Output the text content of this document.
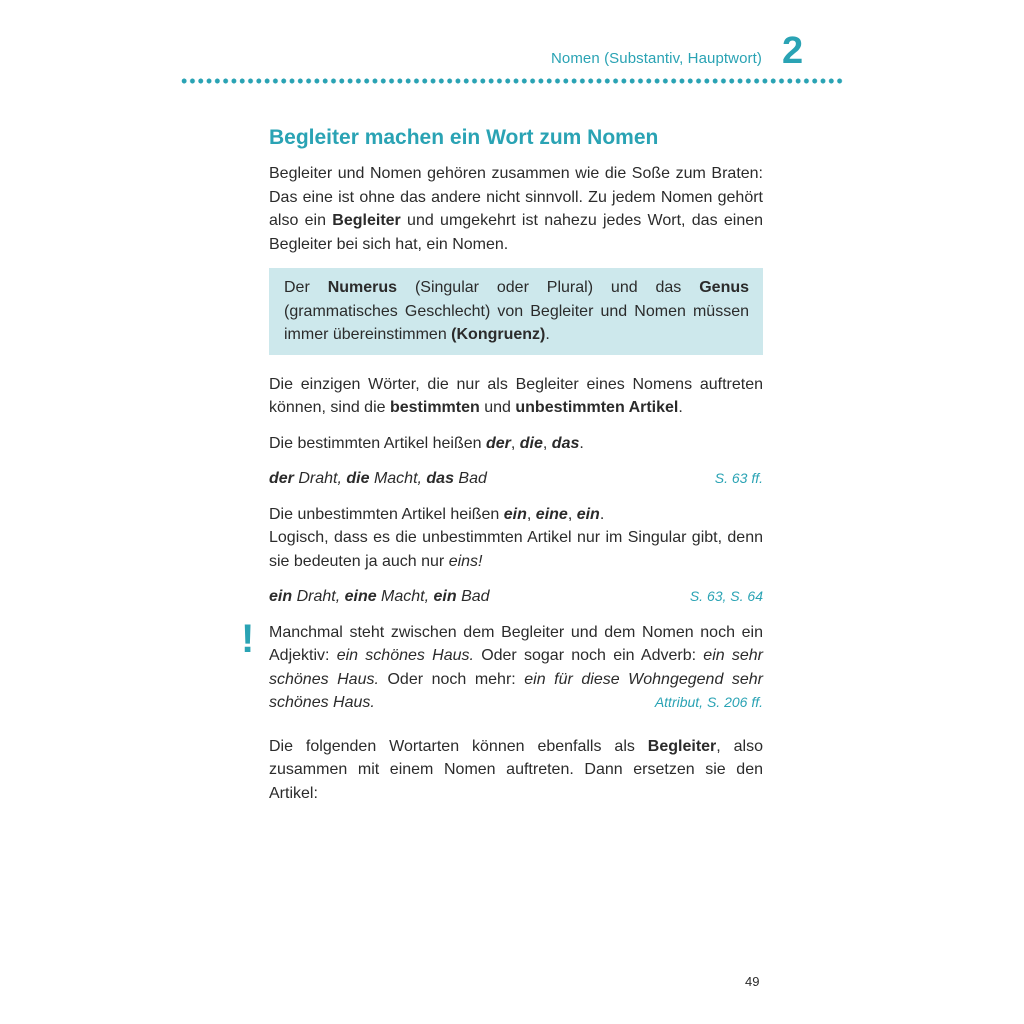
Nomen (Substantiv, Hauptwort) 2
Begleiter machen ein Wort zum Nomen

Begleiter und Nomen gehören zusammen wie die Soße zum Braten: Das eine ist ohne das andere nicht sinnvoll. Zu jedem Nomen gehört also ein Begleiter und umgekehrt ist nahezu jedes Wort, das einen Begleiter bei sich hat, ein Nomen.

Der Numerus (Singular oder Plural) und das Genus (grammatisches Geschlecht) von Begleiter und Nomen müssen immer übereinstimmen (Kongruenz).

Die einzigen Wörter, die nur als Begleiter eines Nomens auftreten können, sind die bestimmten und unbestimmten Artikel.

Die bestimmten Artikel heißen der, die, das.

der Draht, die Macht, das Bad	S. 63 ff.

Die unbestimmten Artikel heißen ein, eine, ein.
Logisch, dass es die unbestimmten Artikel nur im Singular gibt, denn sie bedeuten ja auch nur eins!

ein Draht, eine Macht, ein Bad	S. 63, S. 64
! Manchmal steht zwischen dem Begleiter und dem Nomen noch ein Adjektiv: ein schönes Haus. Oder sogar noch ein Adverb: ein sehr schönes Haus. Oder noch mehr: ein für diese Wohngegend sehr schönes Haus.	Attribut, S. 206 ff.

Die folgenden Wortarten können ebenfalls als Begleiter, also zusammen mit einem Nomen auftreten. Dann ersetzen sie den Artikel:

49
